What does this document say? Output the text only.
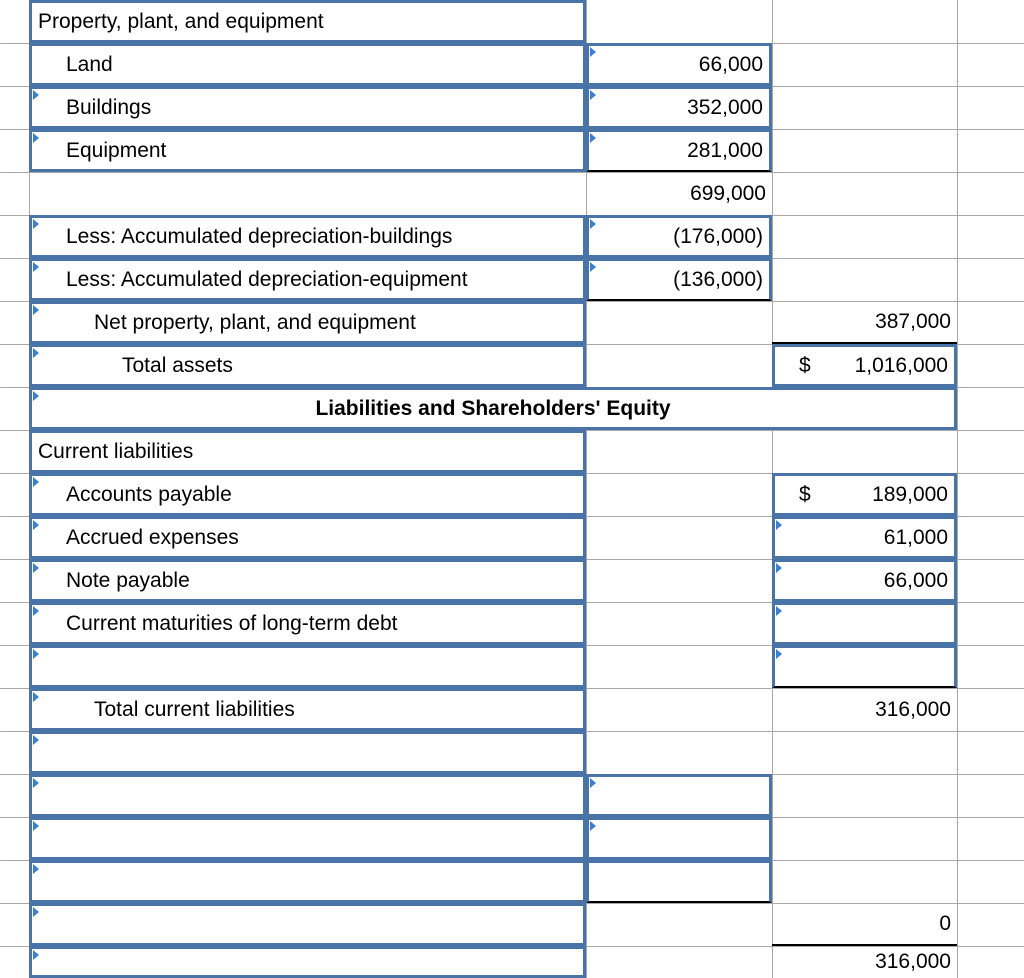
Property, plant, and equipment
Land	66,000
Buildings	352,000
Equipment	281,000
699,000
Less: Accumulated depreciation-buildings	(176,000)
Less: Accumulated depreciation-equipment	(136,000)
Net property, plant, and equipment	387,000
Total assets	$ 1,016,000
Liabilities and Shareholders' Equity
Current liabilities
Accounts payable	$	189,000
Accrued expenses	61,000
Note payable	66,000
Current maturities of long-term debt
Total current liabilities	316,000
0
316,000
